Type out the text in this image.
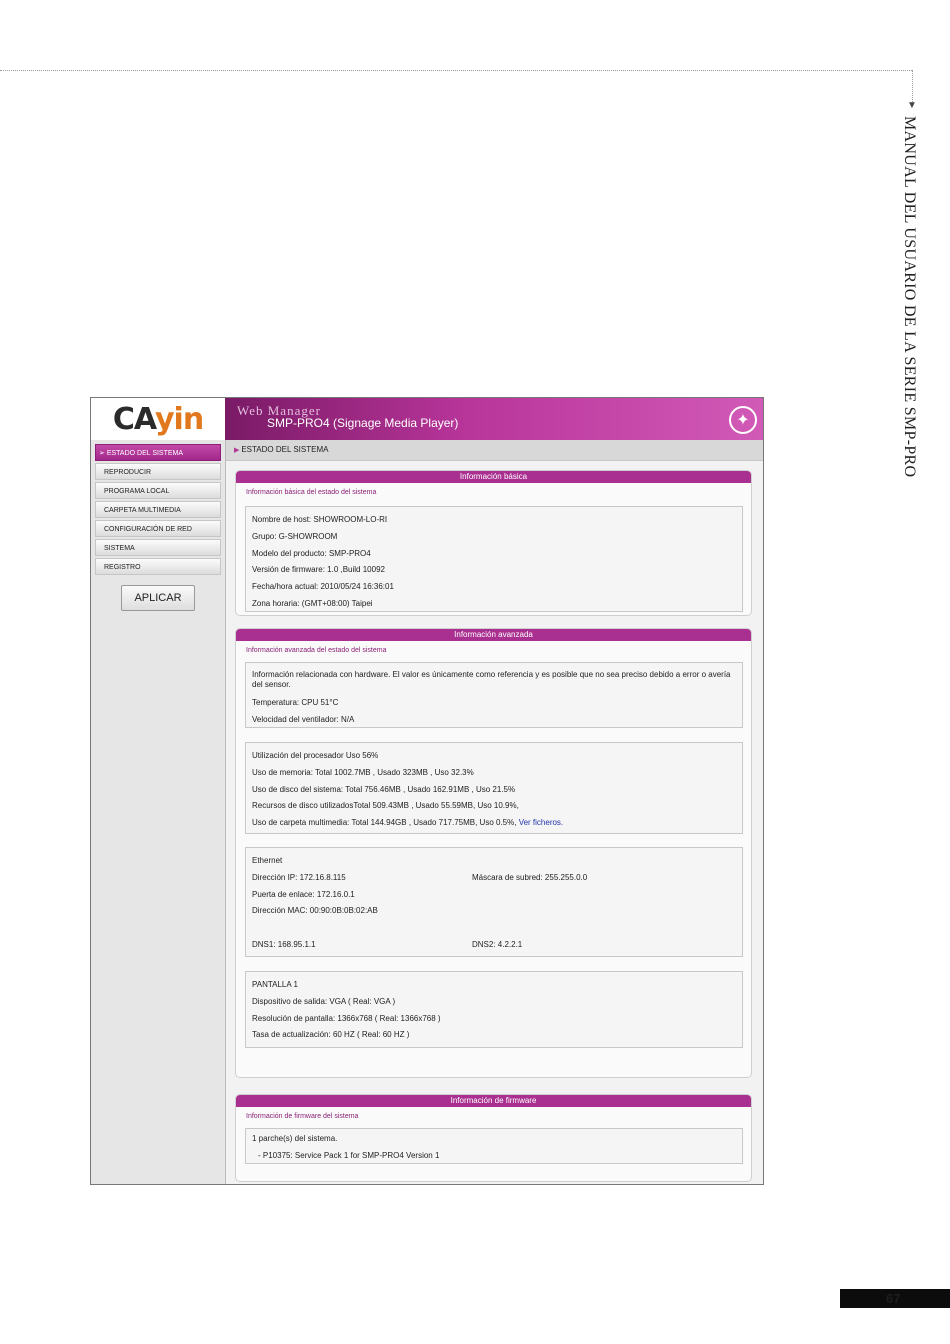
▼
MANUAL DEL USUARIO DE LA SERIE SMP-PRO
67
CAyin	Web Manager
SMP-PRO4 (Signage Media Player)	✦
➢ ESTADO DEL SISTEMA
REPRODUCIR
PROGRAMA LOCAL
CARPETA MULTIMEDIA
CONFIGURACIÓN DE RED
SISTEMA
REGISTRO
APLICAR
▶ ESTADO DEL SISTEMA
Información básica
Información básica del estado del sistema
Nombre de host: SHOWROOM-LO-RI
Grupo: G-SHOWROOM
Modelo del producto: SMP-PRO4
Versión de firmware: 1.0 ,Build 10092
Fecha/hora actual: 2010/05/24 16:36:01
Zona horaria: (GMT+08:00) Taipei
Información avanzada
Información avanzada del estado del sistema
Información relacionada con hardware. El valor es únicamente como referencia y es posible que no sea preciso debido a error o avería del sensor.
Temperatura: CPU 51°C
Velocidad del ventilador: N/A
Utilización del procesador Uso 56%
Uso de memoria: Total 1002.7MB , Usado 323MB , Uso 32.3%
Uso de disco del sistema: Total 756.46MB , Usado 162.91MB , Uso 21.5%
Recursos de disco utilizadosTotal 509.43MB , Usado 55.59MB, Uso 10.9%,
Uso de carpeta multimedia: Total 144.94GB , Usado 717.75MB, Uso 0.5%, Ver ficheros.
Ethernet
Dirección IP: 172.16.8.115	Máscara de subred: 255.255.0.0
Puerta de enlace: 172.16.0.1
Dirección MAC: 00:90:0B:0B:02:AB
DNS1: 168.95.1.1	DNS2: 4.2.2.1
PANTALLA 1
Dispositivo de salida: VGA ( Real: VGA )
Resolución de pantalla: 1366x768 ( Real: 1366x768 )
Tasa de actualización: 60 HZ ( Real: 60 HZ )
Información de firmware
Información de firmware del sistema
1 parche(s) del sistema.
- P10375: Service Pack 1 for SMP-PRO4 Version 1
